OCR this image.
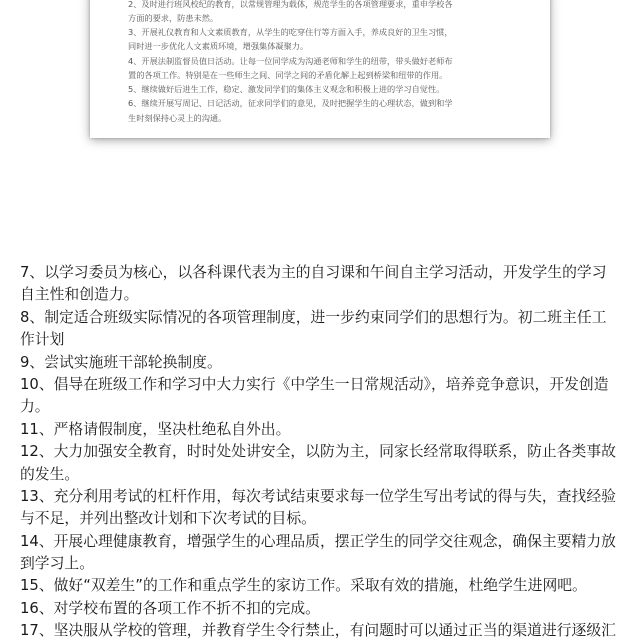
2、及时进行班风校纪的教育，以常规管理为载体，规范学生的各项管理要求，重申学校各
方面的要求，防患未然。
3、开展礼仪教育和人文素质教育，从学生的吃穿住行等方面入手，养成良好的卫生习惯，
同时进一步优化人文素质环境，增强集体凝聚力。
4、开展法制监督员值日活动。让每一位同学成为沟通老师和学生的纽带，带头做好老师布
置的各项工作。特别是在一些师生之间、同学之间的矛盾化解上起到桥梁和纽带的作用。
5、继续做好后进生工作，稳定、激发同学们的集体主义观念和积极上进的学习自觉性。
6、继续开展写周记、日记活动，征求同学们的意见，及时把握学生的心理状态，做到和学
生时刻保持心灵上的沟通。
7、以学习委员为核心，以各科课代表为主的自习课和午间自主学习活动，开发学生的学习
自主性和创造力。
8、制定适合班级实际情况的各项管理制度，进一步约束同学们的思想行为。初二班主任工
作计划
9、尝试实施班干部轮换制度。
10、倡导在班级工作和学习中大力实行《中学生一日常规活动》，培养竞争意识，开发创造
力。
11、严格请假制度，坚决杜绝私自外出。
12、大力加强安全教育，时时处处讲安全，以防为主，同家长经常取得联系，防止各类事故
的发生。
13、充分利用考试的杠杆作用，每次考试结束要求每一位学生写出考试的得与失，查找经验
与不足，并列出整改计划和下次考试的目标。
14、开展心理健康教育，增强学生的心理品质，摆正学生的同学交往观念，确保主要精力放
到学习上。
15、做好“双差生”的工作和重点学生的家访工作。采取有效的措施，杜绝学生进网吧。
16、对学校布置的各项工作不折不扣的完成。
17、坚决服从学校的管理，并教育学生令行禁止，有问题时可以通过正当的渠道进行逐级汇
